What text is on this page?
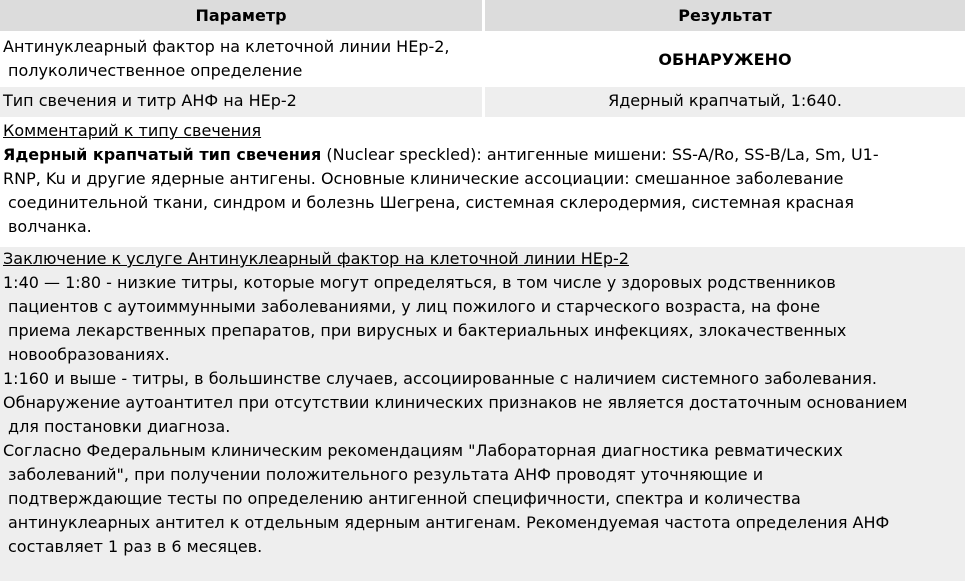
Параметр	Результат
Антинуклеарный фактор на клеточной линии HEp-2,
полуколичественное определение
ОБНАРУЖЕНО
Тип свечения и титр АНФ на HEp-2	Ядерный крапчатый, 1:640.
Комментарий к типу свечения
Ядерный крапчатый тип свечения (Nuclear speckled): антигенные мишени: SS-A/Ro, SS-B/La, Sm, U1-
RNP, Ku и другие ядерные антигены. Основные клинические ассоциации: смешанное заболевание
соединительной ткани, синдром и болезнь Шегрена, системная склеродермия, системная красная
волчанка.
Заключение к услуге Антинуклеарный фактор на клеточной линии HEp-2
1:40 — 1:80 - низкие титры, которые могут определяться, в том числе у здоровых родственников
пациентов с аутоиммунными заболеваниями, у лиц пожилого и старческого возраста, на фоне
приема лекарственных препаратов, при вирусных и бактериальных инфекциях, злокачественных
новообразованиях.
1:160 и выше - титры, в большинстве случаев, ассоциированные с наличием системного заболевания.
Обнаружение аутоантител при отсутствии клинических признаков не является достаточным основанием
для постановки диагноза.
Согласно Федеральным клиническим рекомендациям "Лабораторная диагностика ревматических
заболеваний", при получении положительного результата АНФ проводят уточняющие и
подтверждающие тесты по определению антигенной специфичности, спектра и количества
антинуклеарных антител к отдельным ядерным антигенам. Рекомендуемая частота определения АНФ
составляет 1 раз в 6 месяцев.
